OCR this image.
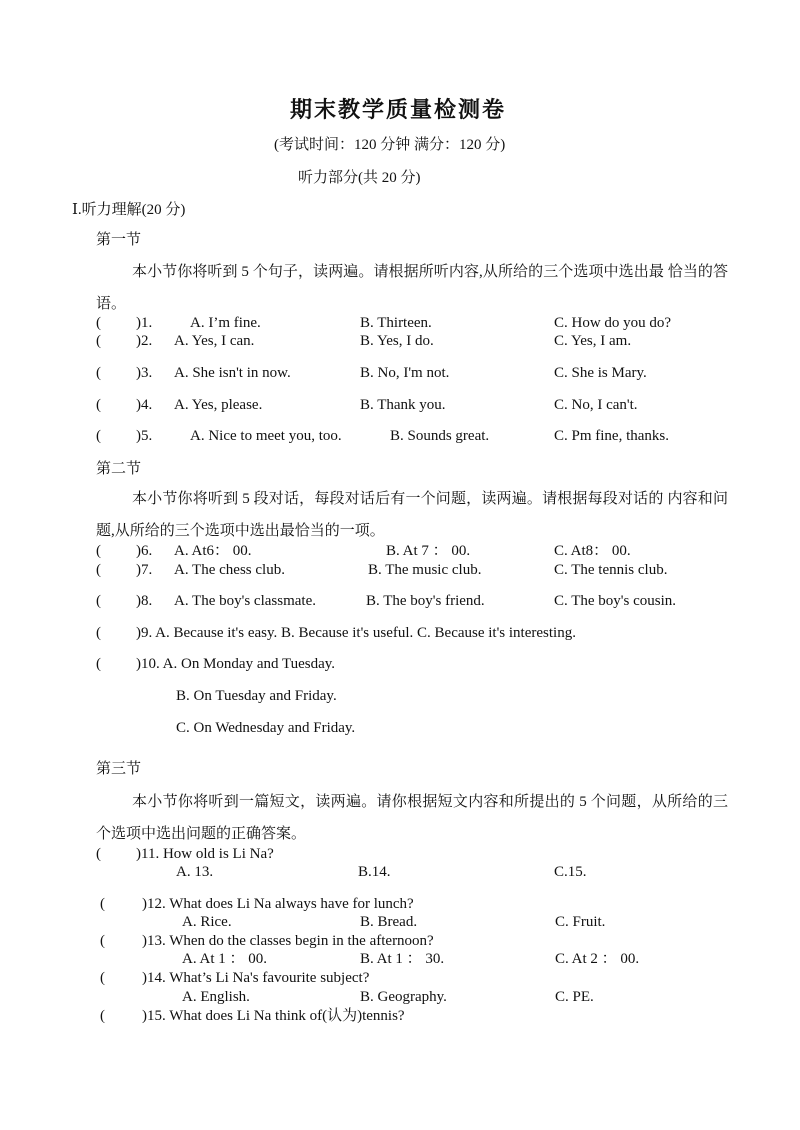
期末教学质量检测卷
(考试时间：120 分钟 满分：120 分)
听力部分(共 20 分)
Ⅰ.听力理解(20 分)
第一节
本小节你将听到 5 个句子，读两遍。请根据所听内容,从所给的三个选项中选出最 恰当的答语。
( )1.	A. I’m fine.	B. Thirteen.	C. How do you do?
( )2. A. Yes, I can.	B. Yes, I do.	C. Yes, I am.
( )3. A. She isn't in now.	B. No, I'm not.	C. She is Mary.
( )4. A. Yes, please.	B. Thank you.	C. No, I can't.
( )5.	A. Nice to meet you, too.	B. Sounds great.	C. Pm fine, thanks.
第二节
本小节你将听到 5 段对话，每段对话后有一个问题，读两遍。请根据每段对话的 内容和问题,从所给的三个选项中选出最恰当的一项。
( )6. A. At6： 00.	B. At 7 ： 00.	C. At8： 00.
( )7. A. The chess club.	B. The music club.	C. The tennis club.
( )8. A. The boy's classmate.	B. The boy's friend.	C. The boy's cousin.
( )9. A. Because it's easy. B. Because it's useful. C. Because it's interesting.
( )10. A. On Monday and Tuesday.
B. On Tuesday and Friday.
C. On Wednesday and Friday.
第三节
本小节你将听到一篇短文，读两遍。请你根据短文内容和所提出的 5 个问题，从所给的三个选项中选出问题的正确答案。
( )11. How old is Li Na?
A. 13.	B.14.	C.15.
( )12. What does Li Na always have for lunch?
A. Rice.	B. Bread.	C. Fruit.
( )13. When do the classes begin in the afternoon?
A. At 1 ： 00.	B. At 1 ： 30.	C. At 2 ： 00.
( )14. What’s Li Na's favourite subject?
A. English.	B. Geography.	C. PE.
( )15. What does Li Na think of(认为)tennis?
